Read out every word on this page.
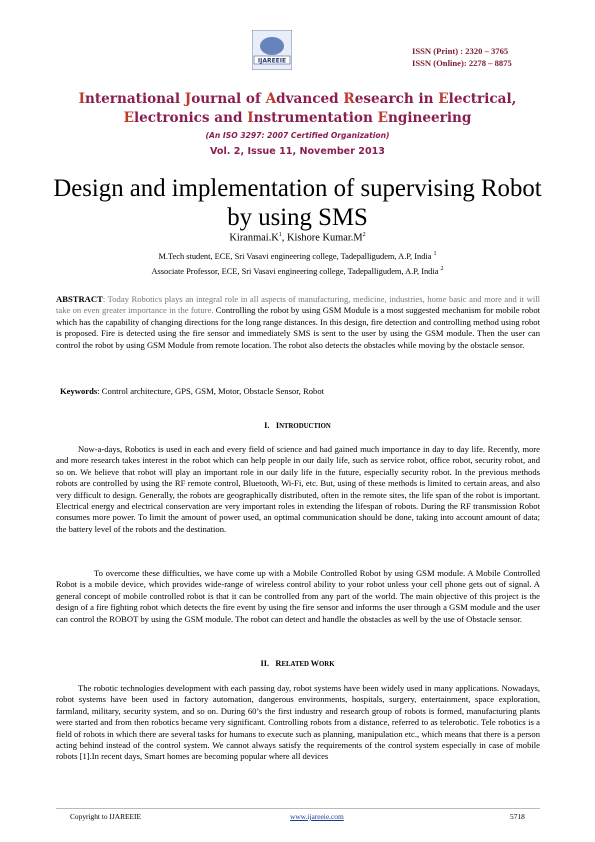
IJAREEIE
ISSN (Print) : 2320 – 3765
ISSN (Online): 2278 – 8875
International Journal of Advanced Research in Electrical,
Electronics and Instrumentation Engineering
(An ISO 3297: 2007 Certified Organization)
Vol. 2, Issue 11, November 2013
Design and implementation of supervising Robot
by using SMS
$Kiranmai.K^1$, Kishore $Kumar.M^2$
M.Tech student, ECE, Sri Vasavi engineering college, Tadepalligudem, A.P, India $^1$
Associate Professor, ECE, Sri Vasavi engineering college, Tadepalligudem, A.P, India $^2$
ABSTRACT: Today Robotics plays an integral role in all aspects of manufacturing, medicine, industries, home basic and more and it will take on even greater importance in the future. Controlling the robot by using GSM Module is a most suggested mechanism for mobile robot which has the capability of changing directions for the long range distances. In this design, fire detection and controlling method using robot is proposed. Fire is detected using the fire sensor and immediately SMS is sent to the user by using the GSM module. Then the user can control the robot by using GSM Module from remote location. The robot also detects the obstacles while moving by the obstacle sensor.
Keywords: Control architecture, GPS, GSM, Motor, Obstacle Sensor, Robot
I. INTRODUCTION
Now-a-days, Robotics is used in each and every field of science and had gained much importance in day to day life. Recently, more and more research takes interest in the robot which can help people in our daily life, such as service robot, office robot, security robot, and so on. We believe that robot will play an important role in our daily life in the future, especially security robot. In the previous methods robots are controlled by using the RF remote control, Bluetooth, Wi-Fi, etc. But, using of these methods is limited to certain areas, and also very difficult to design. Generally, the robots are geographically distributed, often in the remote sites, the life span of the robot is important. Electrical energy and electrical conservation are very important roles in extending the lifespan of robots. During the RF transmission Robot consumes more power. To limit the amount of power used, an optimal communication should be done, taking into account amount of data; the battery level of the robots and the destination.
To overcome these difficulties, we have come up with a Mobile Controlled Robot by using GSM module. A Mobile Controlled Robot is a mobile device, which provides wide-range of wireless control ability to your robot unless your cell phone gets out of signal. A general concept of mobile controlled robot is that it can be controlled from any part of the world. The main objective of this project is the design of a fire fighting robot which detects the fire event by using the fire sensor and informs the user through a GSM module and the user can control the ROBOT by using the GSM module. The robot can detect and handle the obstacles as well by the use of Obstacle sensor.
II. RELATED WORK
The robotic technologies development with each passing day, robot systems have been widely used in many applications. Nowadays, robot systems have been used in factory automation, dangerous environments, hospitals, surgery, entertainment, space exploration, farmland, military, security system, and so on. During 60’s the first industry and research group of robots is formed, manufacturing plants were started and from then robotics became very significant. Controlling robots from a distance, referred to as telerobotic. Tele robotics is a field of robots in which there are several tasks for humans to execute such as planning, manipulation etc., which means that there is a person acting behind instead of the control system. We cannot always satisfy the requirements of the control system especially in case of mobile robots [1].In recent days, Smart homes are becoming popular where all devices
Copyright to IJAREEIE	www.ijareeie.com	5718
